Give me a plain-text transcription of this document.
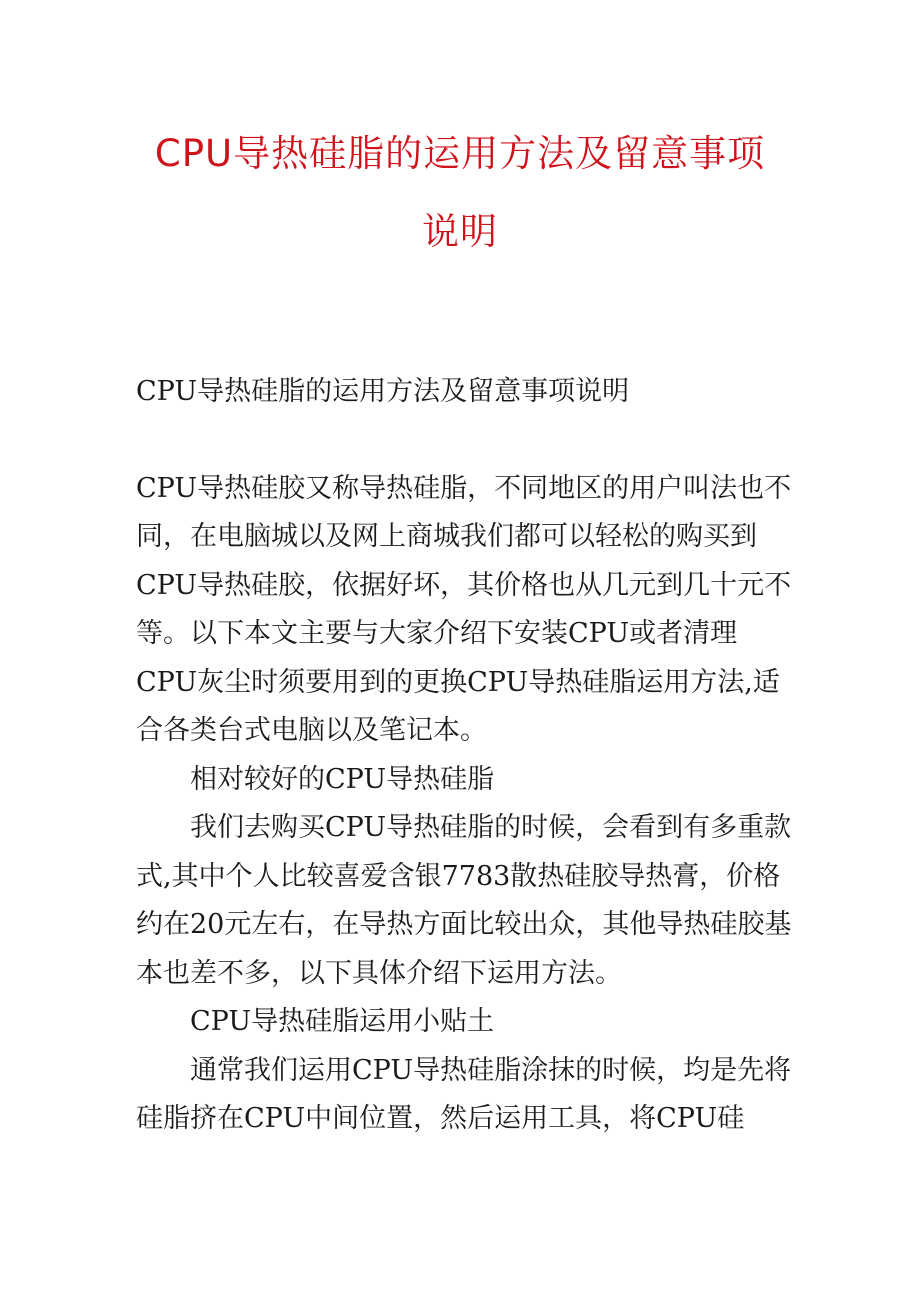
CPU导热硅脂的运用方法及留意事项
说明

CPU导热硅脂的运用方法及留意事项说明

CPU导热硅胶又称导热硅脂，不同地区的用户叫法也不同，在电脑城以及网上商城我们都可以轻松的购买到CPU导热硅胶，依据好坏，其价格也从几元到几十元不等。以下本文主要与大家介绍下安装CPU或者清理CPU灰尘时须要用到的更换CPU导热硅脂运用方法,适合各类台式电脑以及笔记本。

相对较好的CPU导热硅脂

我们去购买CPU导热硅脂的时候，会看到有多重款式,其中个人比较喜爱含银7783散热硅胶导热膏，价格约在20元左右，在导热方面比较出众，其他导热硅胶基本也差不多，以下具体介绍下运用方法。

CPU导热硅脂运用小贴土

通常我们运用CPU导热硅脂涂抹的时候，均是先将硅脂挤在CPU中间位置，然后运用工具，将CPU硅
